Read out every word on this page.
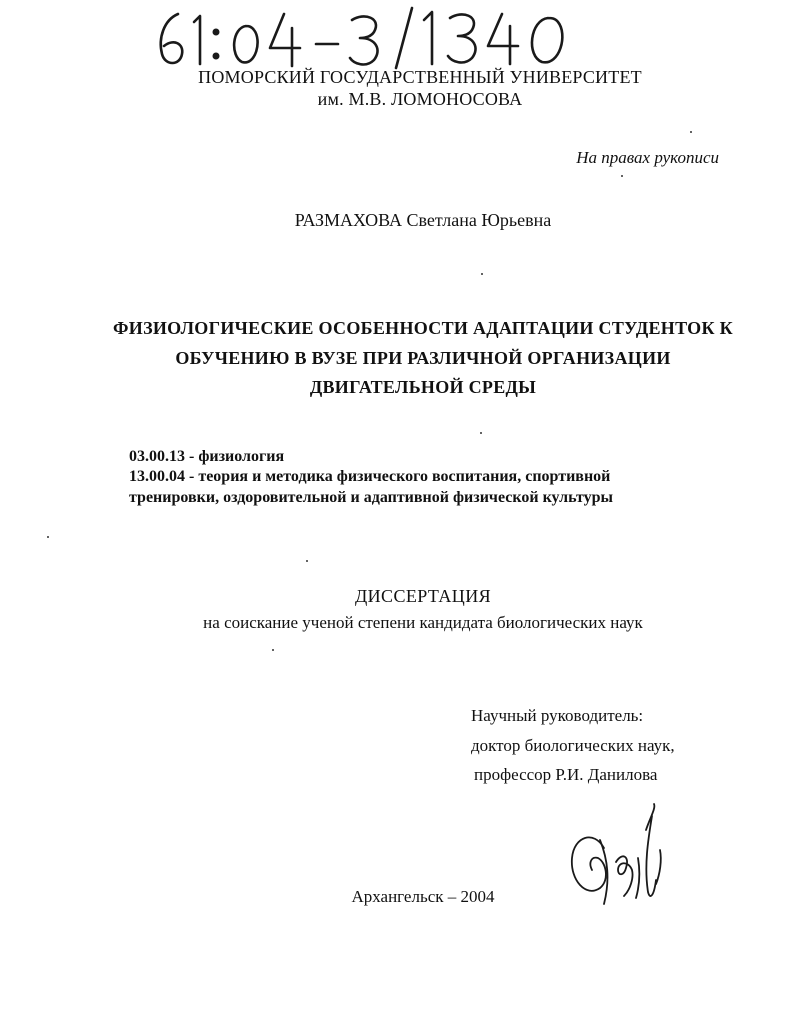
ПОМОРСКИЙ ГОСУДАРСТВЕННЫЙ УНИВЕРСИТЕТ
им. М.В. ЛОМОНОСОВА
На правах рукописи
РАЗМАХОВА Светлана Юрьевна
ФИЗИОЛОГИЧЕСКИЕ ОСОБЕННОСТИ АДАПТАЦИИ СТУДЕНТОК К
ОБУЧЕНИЮ В ВУЗЕ ПРИ РАЗЛИЧНОЙ ОРГАНИЗАЦИИ
ДВИГАТЕЛЬНОЙ СРЕДЫ
03.00.13 - физиология
13.00.04 - теория и методика физического воспитания, спортивной
тренировки, оздоровительной и адаптивной физической культуры
ДИССЕРТАЦИЯ
на соискание ученой степени кандидата биологических наук
Научный руководитель:
доктор биологических наук,
профессор Р.И. Данилова
Архангельск – 2004
